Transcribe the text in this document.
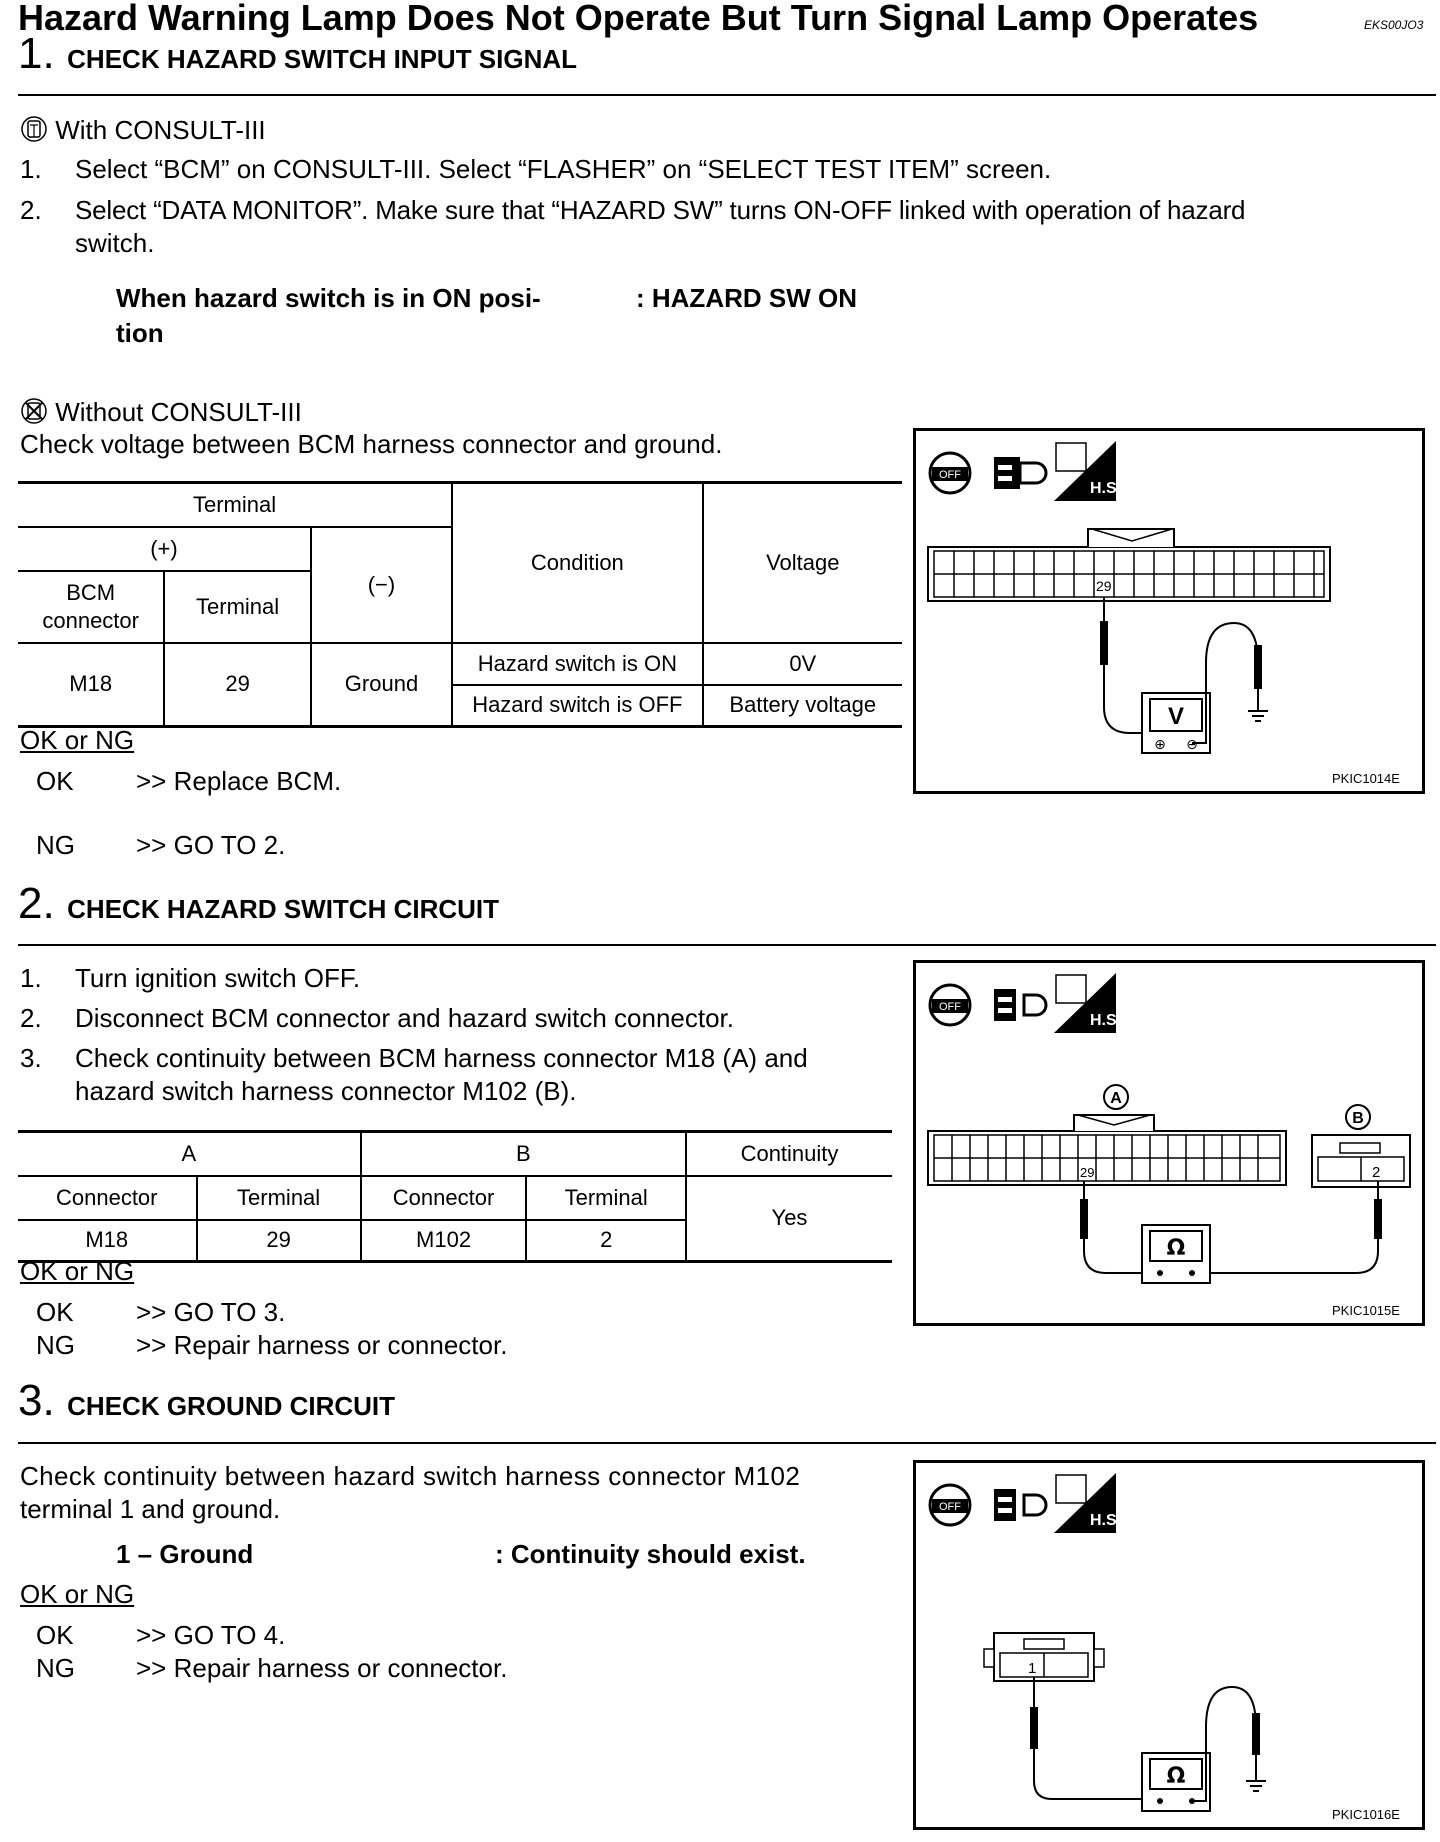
Hazard Warning Lamp Does Not Operate But Turn Signal Lamp Operates	EKS00JO3
1. CHECK HAZARD SWITCH INPUT SIGNAL
With CONSULT-III
1. Select “BCM” on CONSULT-III. Select “FLASHER” on “SELECT TEST ITEM” screen.
2. Select “DATA MONITOR”. Make sure that “HAZARD SW” turns ON-OFF linked with operation of hazard
switch.
When hazard switch is in ON posi-
tion
: HAZARD SW ON
Without CONSULT-III
Check voltage between BCM harness connector and ground.
Terminal			Condition	Voltage
(+)		(−)		
BCM
connector	Terminal			
M18	29	Ground	Hazard switch is ON	0V
			Hazard switch is OFF	Battery voltage
OK or NG
OK >> Replace BCM.
NG >> GO TO 2.
OFF
H.S.
29
V
⊕ ⊖
PKIC1014E
2. CHECK HAZARD SWITCH CIRCUIT
1. Turn ignition switch OFF.
2. Disconnect BCM connector and hazard switch connector.
3. Check continuity between BCM harness connector M18 (A) and
hazard switch harness connector M102 (B).
A		B		Continuity
Connector	Terminal	Connector	Terminal	Yes
M18	29	M102	2	
OK or NG
OK >> GO TO 3.
NG >> Repair harness or connector.
OFF
H.S.
A
B
29	2
Ω
PKIC1015E
3. CHECK GROUND CIRCUIT
Check continuity between hazard switch harness connector M102
terminal 1 and ground.
1 – Ground	: Continuity should exist.
OK or NG
OK >> GO TO 4.
NG >> Repair harness or connector.
OFF
H.S.
1
Ω
PKIC1016E
